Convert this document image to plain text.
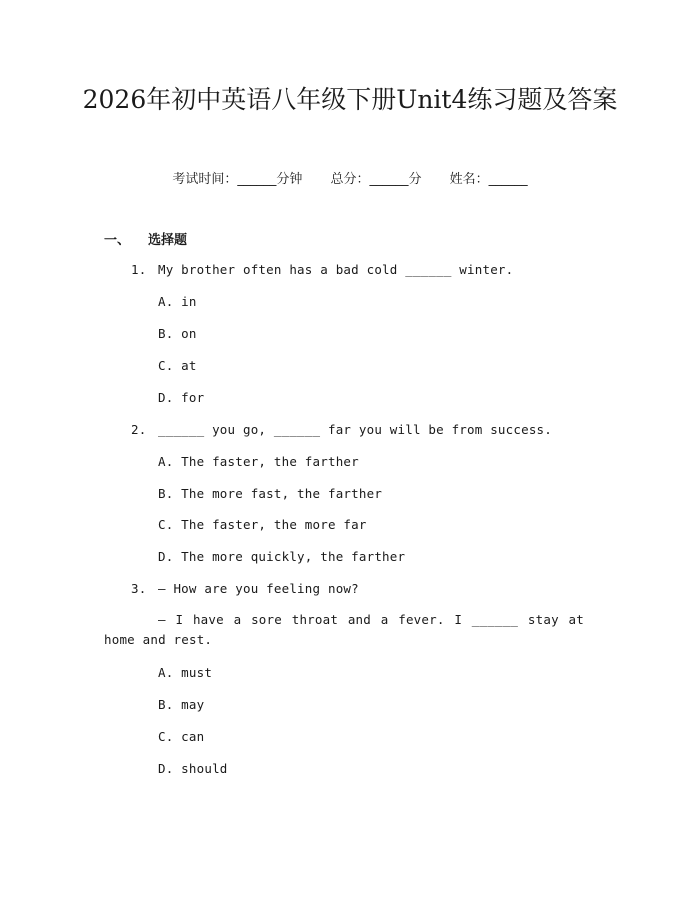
2026年初中英语八年级下册Unit4练习题及答案
考试时间：______分钟 总分：______分 姓名：______
一、 选择题
1. My brother often has a bad cold ______ winter.
A. in
B. on
C. at
D. for
2. ______ you go, ______ far you will be from success.
A. The faster, the farther
B. The more fast, the farther
C. The faster, the more far
D. The more quickly, the farther
3. — How are you feeling now?
— I have a sore throat and a fever. I ______ stay at home and rest.
A. must
B. may
C. can
D. should
